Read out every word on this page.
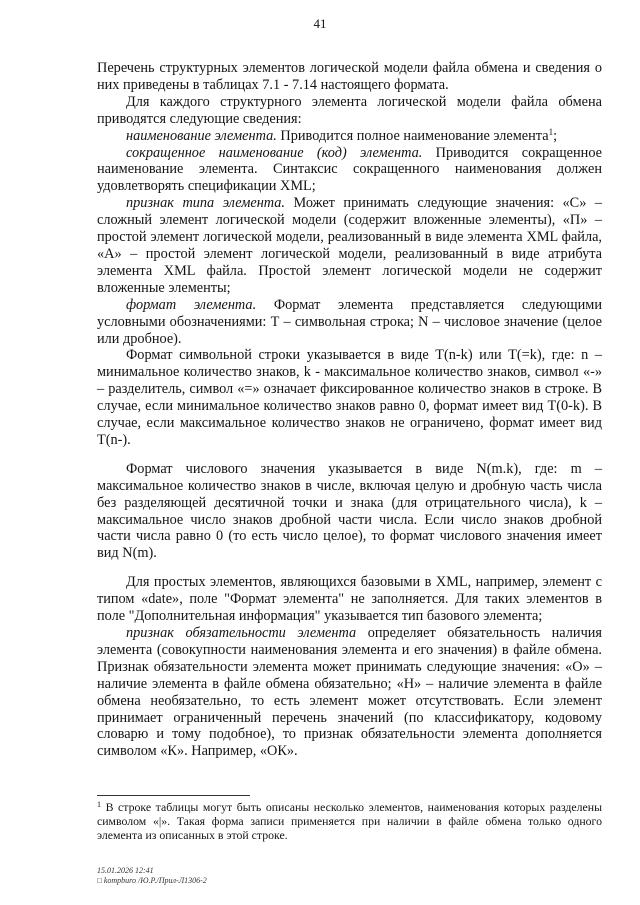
41

Перечень структурных элементов логической модели файла обмена и сведения о них приведены в таблицах 7.1 - 7.14 настоящего формата.

Для каждого структурного элемента логической модели файла обмена приводятся следующие сведения:

наименование элемента. Приводится полное наименование элемента$^1$;

сокращенное наименование (код) элемента. Приводится сокращенное наименование элемента. Синтаксис сокращенного наименования должен удовлетворять спецификации XML;

признак типа элемента. Может принимать следующие значения: «С» – сложный элемент логической модели (содержит вложенные элементы), «П» – простой элемент логической модели, реализованный в виде элемента XML файла, «А» – простой элемент логической модели, реализованный в виде атрибута элемента XML файла. Простой элемент логической модели не содержит вложенные элементы;

формат элемента. Формат элемента представляется следующими условными обозначениями: Т – символьная строка; N – числовое значение (целое или дробное).

Формат символьной строки указывается в виде Т(n-k) или Т(=k), где: n – минимальное количество знаков, k - максимальное количество знаков, символ «-» – разделитель, символ «=» означает фиксированное количество знаков в строке. В случае, если минимальное количество знаков равно 0, формат имеет вид Т(0-k). В случае, если максимальное количество знаков не ограничено, формат имеет вид Т(n-).

Формат числового значения указывается в виде N(m.k), где: m – максимальное количество знаков в числе, включая целую и дробную часть числа без разделяющей десятичной точки и знака (для отрицательного числа), k – максимальное число знаков дробной части числа. Если число знаков дробной части числа равно 0 (то есть число целое), то формат числового значения имеет вид N(m).

Для простых элементов, являющихся базовыми в XML, например, элемент с типом «date», поле "Формат элемента" не заполняется. Для таких элементов в поле "Дополнительная информация" указывается тип базового элемента;

признак обязательности элемента определяет обязательность наличия элемента (совокупности наименования элемента и его значения) в файле обмена. Признак обязательности элемента может принимать следующие значения: «О» – наличие элемента в файле обмена обязательно; «Н» – наличие элемента в файле обмена необязательно, то есть элемент может отсутствовать. Если элемент принимает ограниченный перечень значений (по классификатору, кодовому словарю и тому подобное), то признак обязательности элемента дополняется символом «К». Например, «ОК».

$^1$ В строке таблицы могут быть описаны несколько элементов, наименования которых разделены символом «|». Такая форма записи применяется при наличии в файле обмена только одного элемента из описанных в этой строке.
15.01.2026 12:41
□ kompburo /Ю.Р./Прил-Л1306-2
